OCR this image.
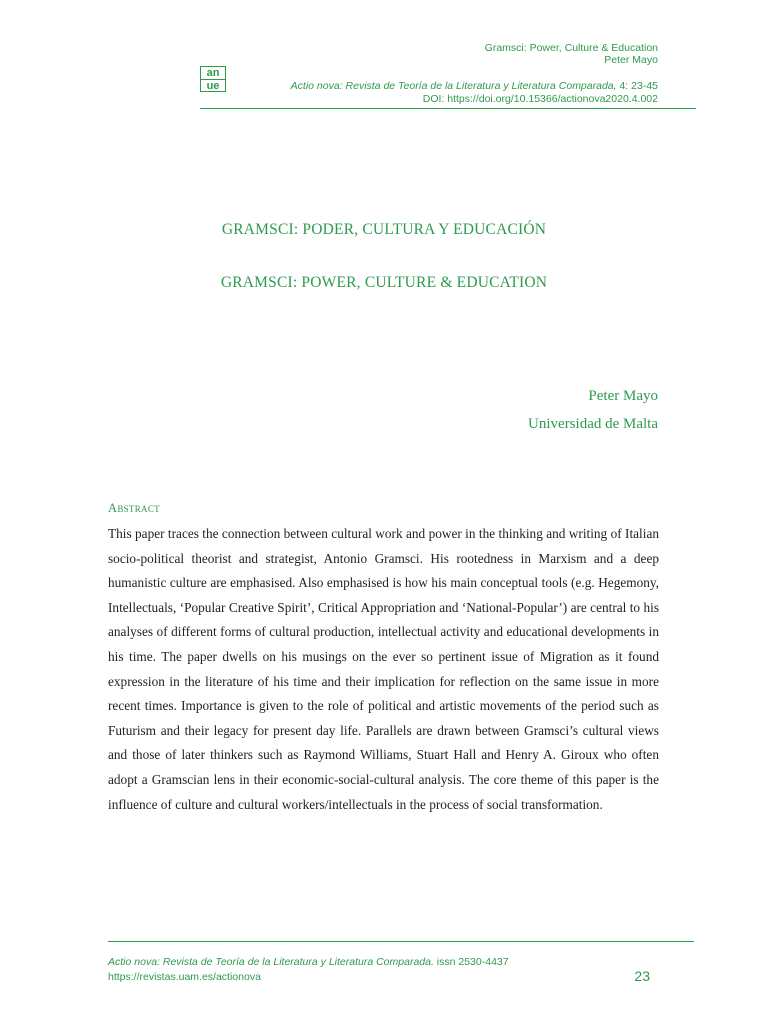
Gramsci: Power, Culture & Education
Peter Mayo
an
ue	Actio nova: Revista de Teoría de la Literatura y Literatura Comparada, 4: 23-45
DOI: https://doi.org/10.15366/actionova2020.4.002
GRAMSCI: PODER, CULTURA Y EDUCACIÓN
GRAMSCI: POWER, CULTURE & EDUCATION
Peter Mayo
Universidad de Malta
Abstract
This paper traces the connection between cultural work and power in the thinking and writing of Italian socio-political theorist and strategist, Antonio Gramsci. His rootedness in Marxism and a deep humanistic culture are emphasised. Also emphasised is how his main conceptual tools (e.g. Hegemony, Intellectuals, ‘Popular Creative Spirit’, Critical Appropriation and ‘National-Popular’) are central to his analyses of different forms of cultural production, intellectual activity and educational developments in his time. The paper dwells on his musings on the ever so pertinent issue of Migration as it found expression in the literature of his time and their implication for reflection on the same issue in more recent times. Importance is given to the role of political and artistic movements of the period such as Futurism and their legacy for present day life. Parallels are drawn between Gramsci’s cultural views and those of later thinkers such as Raymond Williams, Stuart Hall and Henry A. Giroux who often adopt a Gramscian lens in their economic-social-cultural analysis. The core theme of this paper is the influence of culture and cultural workers/intellectuals in the process of social transformation.
Actio nova: Revista de Teoría de la Literatura y Literatura Comparada. issn 2530-4437
https://revistas.uam.es/actionova	23
